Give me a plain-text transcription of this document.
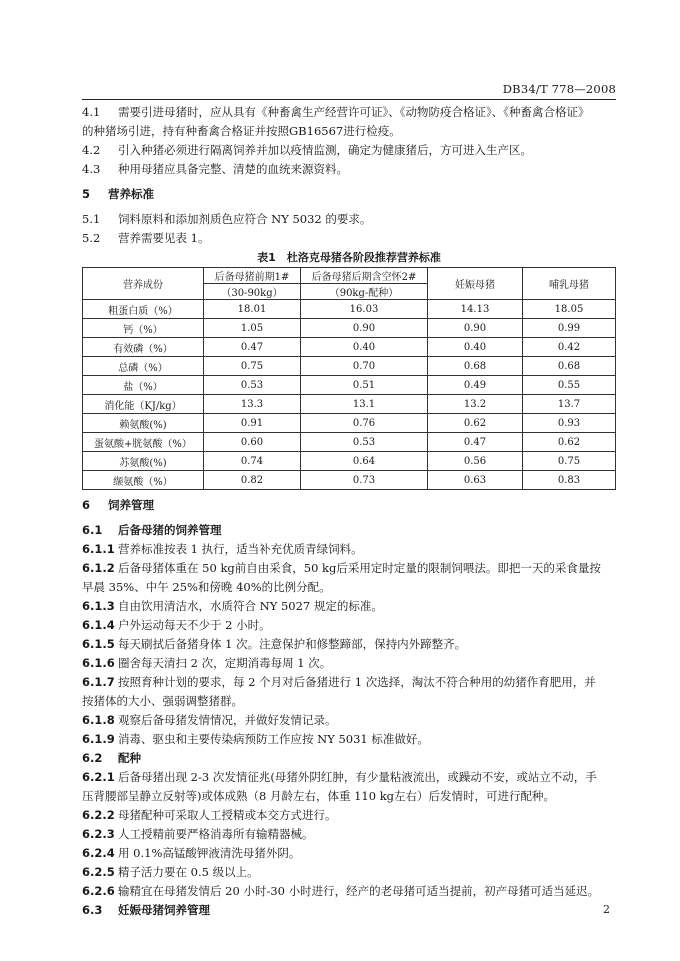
DB34/T 778—2008
4.1 需要引进母猪时，应从具有《种畜禽生产经营许可证》、《动物防疫合格证》、《种畜禽合格证》
的种猪场引进，持有种畜禽合格证并按照GB16567进行检疫。
4.2 引入种猪必须进行隔离饲养并加以疫情监测，确定为健康猪后，方可进入生产区。
4.3 种用母猪应具备完整、清楚的血统来源资料。
5 营养标准
5.1 饲料原料和添加剂质色应符合 NY 5032 的要求。
5.2 营养需要见表 1。
表1　杜洛克母猪各阶段推荐营养标准
营养成份	后备母猪前期1#	后备母猪后期含空怀2#	妊娠母猪	哺乳母猪
	（30-90kg）	（90kg-配种）		
粗蛋白质（%）	18.01	16.03	14.13	18.05
钙（%）	1.05	0.90	0.90	0.99
有效磷（%）	0.47	0.40	0.40	0.42
总磷（%）	0.75	0.70	0.68	0.68
盐（%）	0.53	0.51	0.49	0.55
消化能（KJ/kg）	13.3	13.1	13.2	13.7
赖氨酸(%)	0.91	0.76	0.62	0.93
蛋氨酸+胱氨酸（%）	0.60	0.53	0.47	0.62
苏氨酸(%)	0.74	0.64	0.56	0.75
缬氨酸（%）	0.82	0.73	0.63	0.83
6 饲养管理
6.1 后备母猪的饲养管理
6.1.1 营养标准按表 1 执行，适当补充优质青绿饲料。
6.1.2 后备母猪体重在 50 kg前自由采食，50 kg后采用定时定量的限制饲喂法。即把一天的采食量按
早晨 35%、中午 25%和傍晚 40%的比例分配。
6.1.3 自由饮用清洁水，水质符合 NY 5027 规定的标准。
6.1.4 户外运动每天不少于 2 小时。
6.1.5 每天刷拭后备猪身体 1 次。注意保护和修整蹄部，保持内外蹄整齐。
6.1.6 圈舍每天清扫 2 次，定期消毒每周 1 次。
6.1.7 按照育种计划的要求，每 2 个月对后备猪进行 1 次选择，淘汰不符合种用的幼猪作育肥用，并
按猪体的大小、强弱调整猪群。
6.1.8 观察后备母猪发情情况，并做好发情记录。
6.1.9 消毒、驱虫和主要传染病预防工作应按 NY 5031 标准做好。
6.2 配种
6.2.1 后备母猪出现 2-3 次发情征兆(母猪外阴红肿，有少量粘液流出，或躁动不安，或站立不动，手
压背腰部呈静立反射等)或体成熟（8 月龄左右，体重 110 kg左右）后发情时，可进行配种。
6.2.2 母猪配种可采取人工授精或本交方式进行。
6.2.3 人工授精前要严格消毒所有输精器械。
6.2.4 用 0.1%高锰酸钾液清洗母猪外阴。
6.2.5 精子活力要在 0.5 级以上。
6.2.6 输精宜在母猪发情后 20 小时-30 小时进行，经产的老母猪可适当提前，初产母猪可适当延迟。
6.3 妊娠母猪饲养管理	2
